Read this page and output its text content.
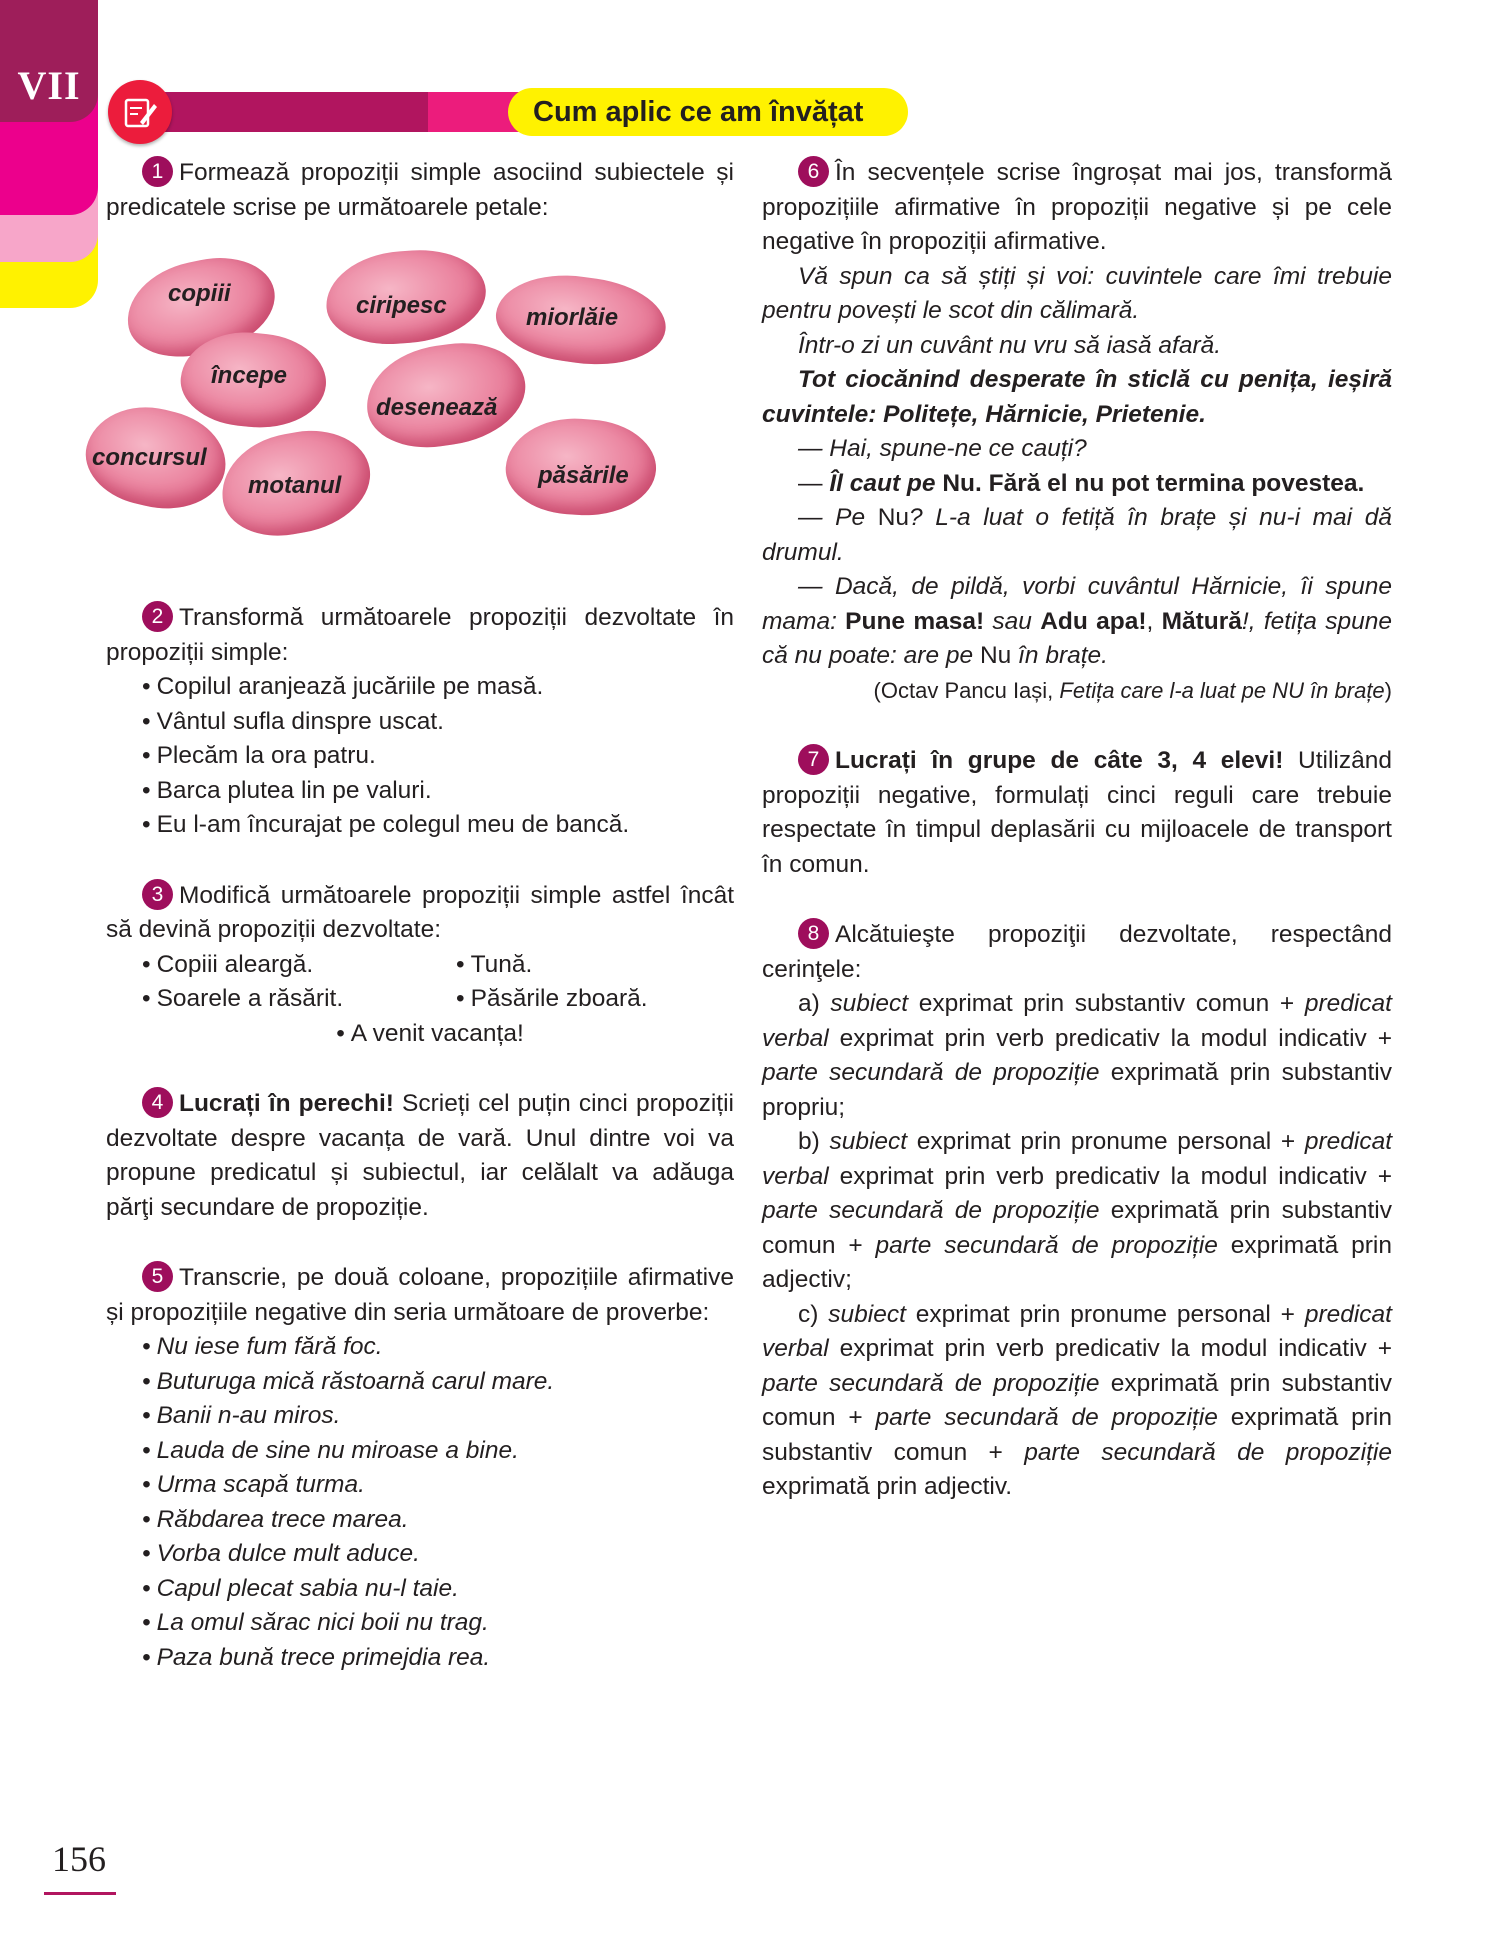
VII
Cum aplic ce am învățat

1 Formează propoziții simple asociind subiectele și predicatele scrise pe următoarele petale:

copiii	ciripesc	miorlăie
începe
desenează
concursul
motanul	păsările

2 Transformă următoarele propoziții dezvoltate în propoziții simple:

• Copilul aranjează jucăriile pe masă.
• Vântul sufla dinspre uscat.
• Plecăm la ora patru.
• Barca plutea lin pe valuri.
• Eu l-am încurajat pe colegul meu de bancă.

3 Modifică următoarele propoziții simple astfel încât să devină propoziții dezvoltate:

• Copiii aleargă.
• Soarele a răsărit.
• Tună.
• Păsările zboară.
• A venit vacanța!

4 Lucrați în perechi! Scrieți cel puțin cinci propoziții dezvoltate despre vacanța de vară. Unul dintre voi va propune predicatul și subiectul, iar celălalt va adăuga părţi secundare de propoziție.

5 Transcrie, pe două coloane, propozițiile afirmative și propozițiile negative din seria următoare de proverbe:

• Nu iese fum fără foc.
• Buturuga mică răstoarnă carul mare.
• Banii n-au miros.
• Lauda de sine nu miroase a bine.
• Urma scapă turma.
• Răbdarea trece marea.
• Vorba dulce mult aduce.
• Capul plecat sabia nu-l taie.
• La omul sărac nici boii nu trag.
• Paza bună trece primejdia rea.

6 În secvențele scrise îngroșat mai jos, transformă propozițiile afirmative în propoziții negative și pe cele negative în propoziții afirmative.

Vă spun ca să știți și voi: cuvintele care îmi trebuie pentru povești le scot din călimară.

Într-o zi un cuvânt nu vru să iasă afară.

Tot ciocănind desperate în sticlă cu penița, ieșiră cuvintele: Politețe, Hărnicie, Prietenie.

— Hai, spune-ne ce cauți?

— Îl caut pe Nu. Fără el nu pot termina povestea.

— Pe Nu? L-a luat o fetiță în brațe și nu-i mai dă drumul.

— Dacă, de pildă, vorbi cuvântul Hărnicie, îi spune mama: Pune masa! sau Adu apa!, Mătură!, fetița spune că nu poate: are pe Nu în brațe.

(Octav Pancu Iași, Fetița care l-a luat pe NU în brațe)

7 Lucrați în grupe de câte 3, 4 elevi! Utilizând propoziții negative, formulați cinci reguli care trebuie respectate în timpul deplasării cu mijloacele de transport în comun.

8 Alcătuieşte propoziţii dezvoltate, respectând cerinţele:

a) subiect exprimat prin substantiv comun + predicat verbal exprimat prin verb predicativ la modul indicativ + parte secundară de propoziție exprimată prin substantiv propriu;

b) subiect exprimat prin pronume personal + predicat verbal exprimat prin verb predicativ la modul indicativ + parte secundară de propoziție exprimată prin substantiv comun + parte secundară de propoziție exprimată prin adjectiv;

c) subiect exprimat prin pronume personal + predicat verbal exprimat prin verb predicativ la modul indicativ + parte secundară de propoziție exprimată prin substantiv comun + parte secundară de propoziție exprimată prin substantiv comun + parte secundară de propoziție exprimată prin adjectiv.

156
